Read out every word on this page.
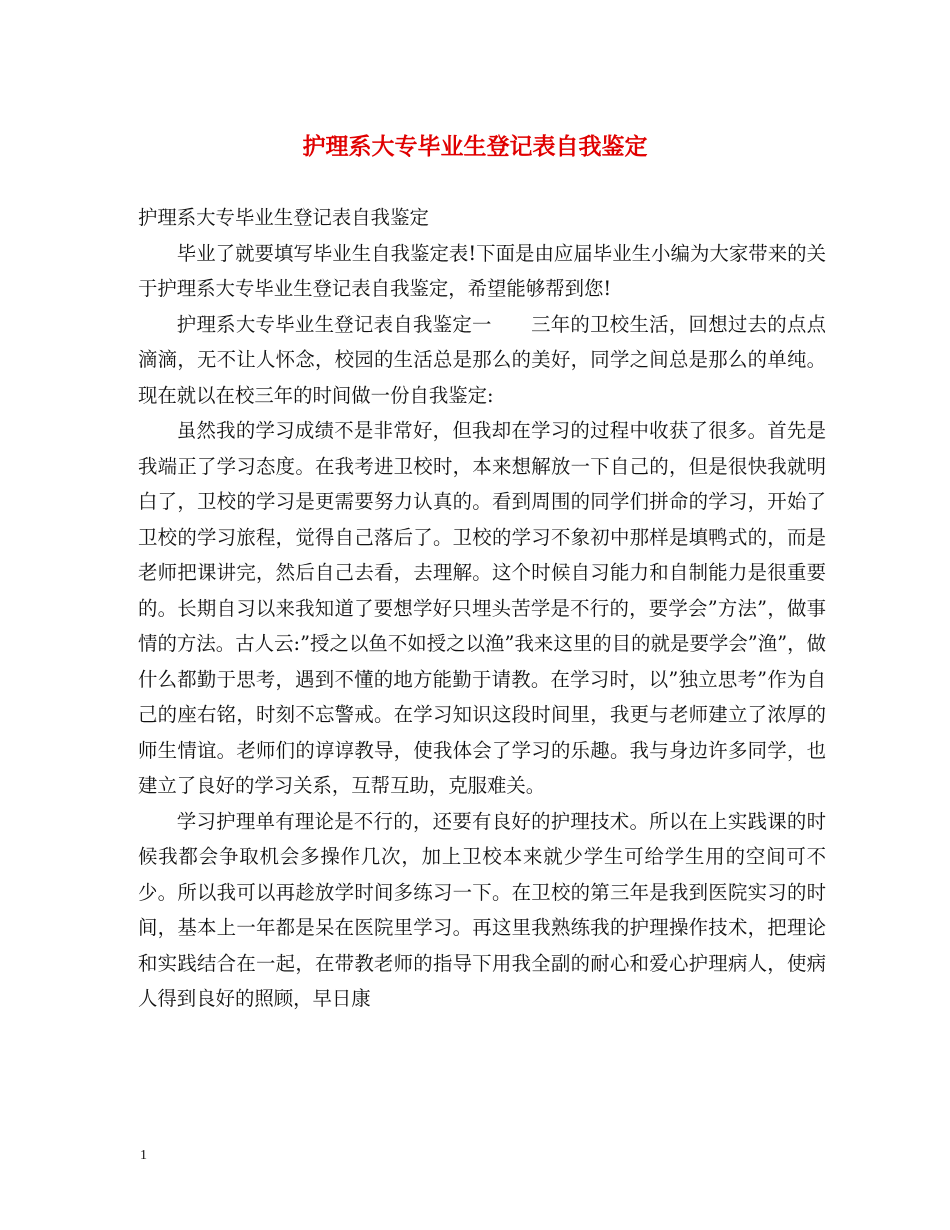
护理系大专毕业生登记表自我鉴定

护理系大专毕业生登记表自我鉴定

毕业了就要填写毕业生自我鉴定表!下面是由应届毕业生小编为大家带来的关于护理系大专毕业生登记表自我鉴定，希望能够帮到您!

护理系大专毕业生登记表自我鉴定一　　三年的卫校生活，回想过去的点点滴滴，无不让人怀念，校园的生活总是那么的美好，同学之间总是那么的单纯。现在就以在校三年的时间做一份自我鉴定:

虽然我的学习成绩不是非常好，但我却在学习的过程中收获了很多。首先是我端正了学习态度。在我考进卫校时，本来想解放一下自己的，但是很快我就明白了，卫校的学习是更需要努力认真的。看到周围的同学们拼命的学习，开始了卫校的学习旅程，觉得自己落后了。卫校的学习不象初中那样是填鸭式的，而是老师把课讲完，然后自己去看，去理解。这个时候自习能力和自制能力是很重要的。长期自习以来我知道了要想学好只埋头苦学是不行的，要学会”方法”，做事情的方法。古人云:”授之以鱼不如授之以渔”我来这里的目的就是要学会”渔”，做什么都勤于思考，遇到不懂的地方能勤于请教。在学习时，以”独立思考”作为自己的座右铭，时刻不忘警戒。在学习知识这段时间里，我更与老师建立了浓厚的师生情谊。老师们的谆谆教导，使我体会了学习的乐趣。我与身边许多同学，也建立了良好的学习关系，互帮互助，克服难关。

学习护理单有理论是不行的，还要有良好的护理技术。所以在上实践课的时候我都会争取机会多操作几次，加上卫校本来就少学生可给学生用的空间可不少。所以我可以再趁放学时间多练习一下。在卫校的第三年是我到医院实习的时间，基本上一年都是呆在医院里学习。再这里我熟练我的护理操作技术，把理论和实践结合在一起，在带教老师的指导下用我全副的耐心和爱心护理病人，使病人得到良好的照顾，早日康

1
